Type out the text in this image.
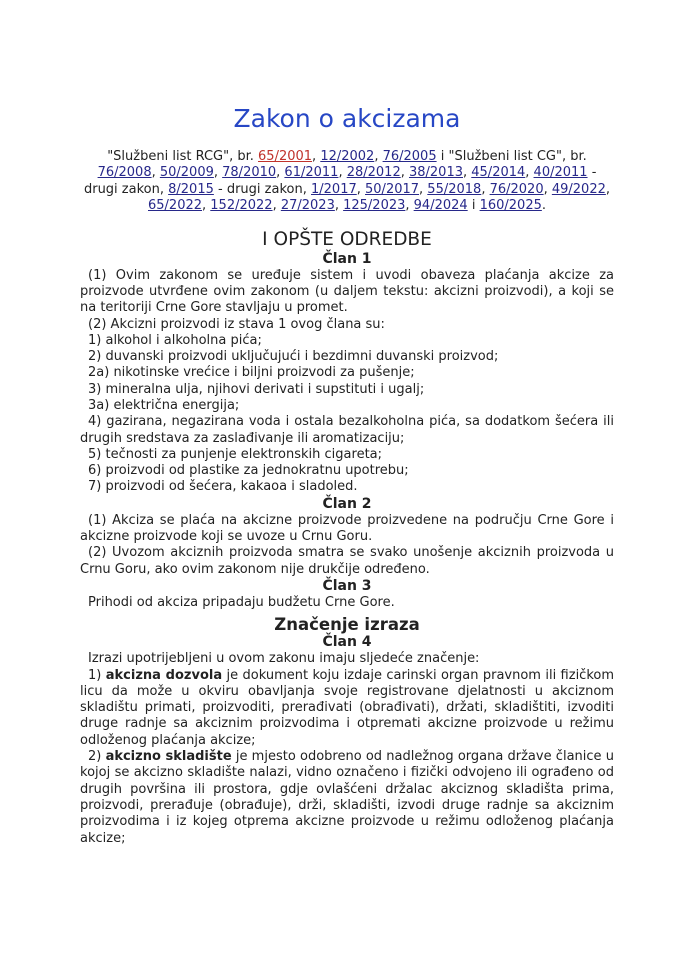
Zakon o akcizama
"Službeni list RCG", br. 65/2001, 12/2002, 76/2005 i "Službeni list CG", br. 76/2008, 50/2009, 78/2010, 61/2011, 28/2012, 38/2013, 45/2014, 40/2011 - drugi zakon, 8/2015 - drugi zakon, 1/2017, 50/2017, 55/2018, 76/2020, 49/2022, 65/2022, 152/2022, 27/2023, 125/2023, 94/2024 i 160/2025.
I OPŠTE ODREDBE
Član 1

(1) Ovim zakonom se uređuje sistem i uvodi obaveza plaćanja akcize za proizvode utvrđene ovim zakonom (u daljem tekstu: akcizni proizvodi), a koji se na teritoriji Crne Gore stavljaju u promet.

(2) Akcizni proizvodi iz stava 1 ovog člana su:

1) alkohol i alkoholna pića;

2) duvanski proizvodi uključujući i bezdimni duvanski proizvod;

2a) nikotinske vrećice i biljni proizvodi za pušenje;

3) mineralna ulja, njihovi derivati i supstituti i ugalj;

3a) električna energija;

4) gazirana, negazirana voda i ostala bezalkoholna pića, sa dodatkom šećera ili drugih sredstava za zaslađivanje ili aromatizaciju;

5) tečnosti za punjenje elektronskih cigareta;

6) proizvodi od plastike za jednokratnu upotrebu;

7) proizvodi od šećera, kakaoa i sladoled.

Član 2

(1) Akciza se plaća na akcizne proizvode proizvedene na području Crne Gore i akcizne proizvode koji se uvoze u Crnu Goru.

(2) Uvozom akciznih proizvoda smatra se svako unošenje akciznih proizvoda u Crnu Goru, ako ovim zakonom nije drukčije određeno.

Član 3

Prihodi od akciza pripadaju budžetu Crne Gore.

Značenje izraza
Član 4

Izrazi upotrijebljeni u ovom zakonu imaju sljedeće značenje:

1) akcizna dozvola je dokument koju izdaje carinski organ pravnom ili fizičkom licu da može u okviru obavljanja svoje registrovane djelatnosti u akciznom skladištu primati, proizvoditi, prerađivati (obrađivati), držati, skladištiti, izvoditi druge radnje sa akciznim proizvodima i otpremati akcizne proizvode u režimu odloženog plaćanja akcize;

2) akcizno skladište je mjesto odobreno od nadležnog organa države članice u kojoj se akcizno skladište nalazi, vidno označeno i fizički odvojeno ili ograđeno od drugih površina ili prostora, gdje ovlašćeni držalac akciznog skladišta prima, proizvodi, prerađuje (obrađuje), drži, skladišti, izvodi druge radnje sa akciznim proizvodima i iz kojeg otprema akcizne proizvode u režimu odloženog plaćanja akcize;
